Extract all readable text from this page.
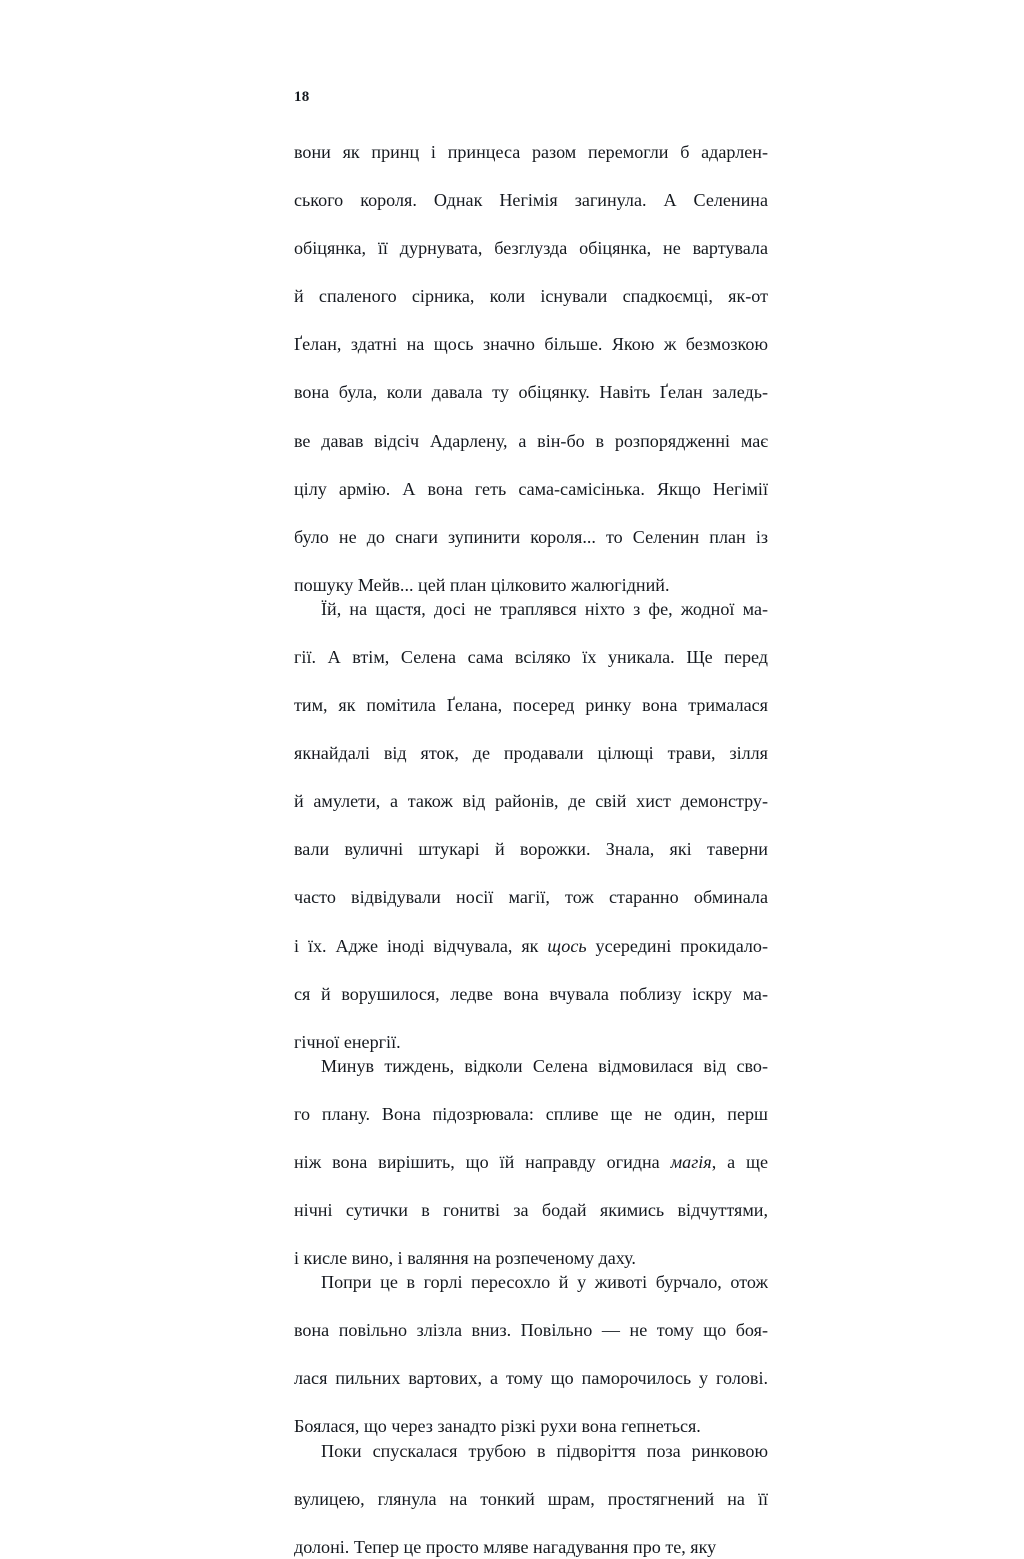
18

вони як принц і принцеса разом перемогли б адарлен-
ського короля. Однак Негімія загинула. А Селенина
обіцянка, її дурнувата, безглузда обіцянка, не вартувала
й спаленого сірника, коли існували спадкоємці, як-от
Ґелан, здатні на щось значно більше. Якою ж безмозкою
вона була, коли давала ту обіцянку. Навіть Ґелан заледь-
ве давав відсіч Адарлену, а він-бо в розпорядженні має
цілу армію. А вона геть сама-самісінька. Якщо Негімії
було не до снаги зупинити короля... то Селенин план із
пошуку Мейв... цей план цілковито жалюгідний.

Їй, на щастя, досі не траплявся ніхто з фе, жодної ма-
гії. А втім, Селена сама всіляко їх уникала. Ще перед
тим, як помітила Ґелана, посеред ринку вона трималася
якнайдалі від яток, де продавали цілющі трави, зілля
й амулети, а також від районів, де свій хист демонстру-
вали вуличні штукарі й ворожки. Знала, які таверни
часто відвідували носії магії, тож старанно обминала
і їх. Адже іноді відчувала, як щось усередині прокидало-
ся й ворушилося, ледве вона вчувала поблизу іскру ма-
гічної енергії.

Минув тиждень, відколи Селена відмовилася від сво-
го плану. Вона підозрювала: спливе ще не один, перш
ніж вона вирішить, що їй направду огидна магія, а ще
нічні сутички в гонитві за бодай якимись відчуттями,
і кисле вино, і валяння на розпеченому даху.

Попри це в горлі пересохло й у животі бурчало, отож
вона повільно злізла вниз. Повільно — не тому що боя-
лася пильних вартових, а тому що паморочилось у голові.
Боялася, що через занадто різкі рухи вона гепнеться.

Поки спускалася трубою в підворіття поза ринковою
вулицею, глянула на тонкий шрам, простягнений на її
долоні. Тепер це просто мляве нагадування про те, яку
